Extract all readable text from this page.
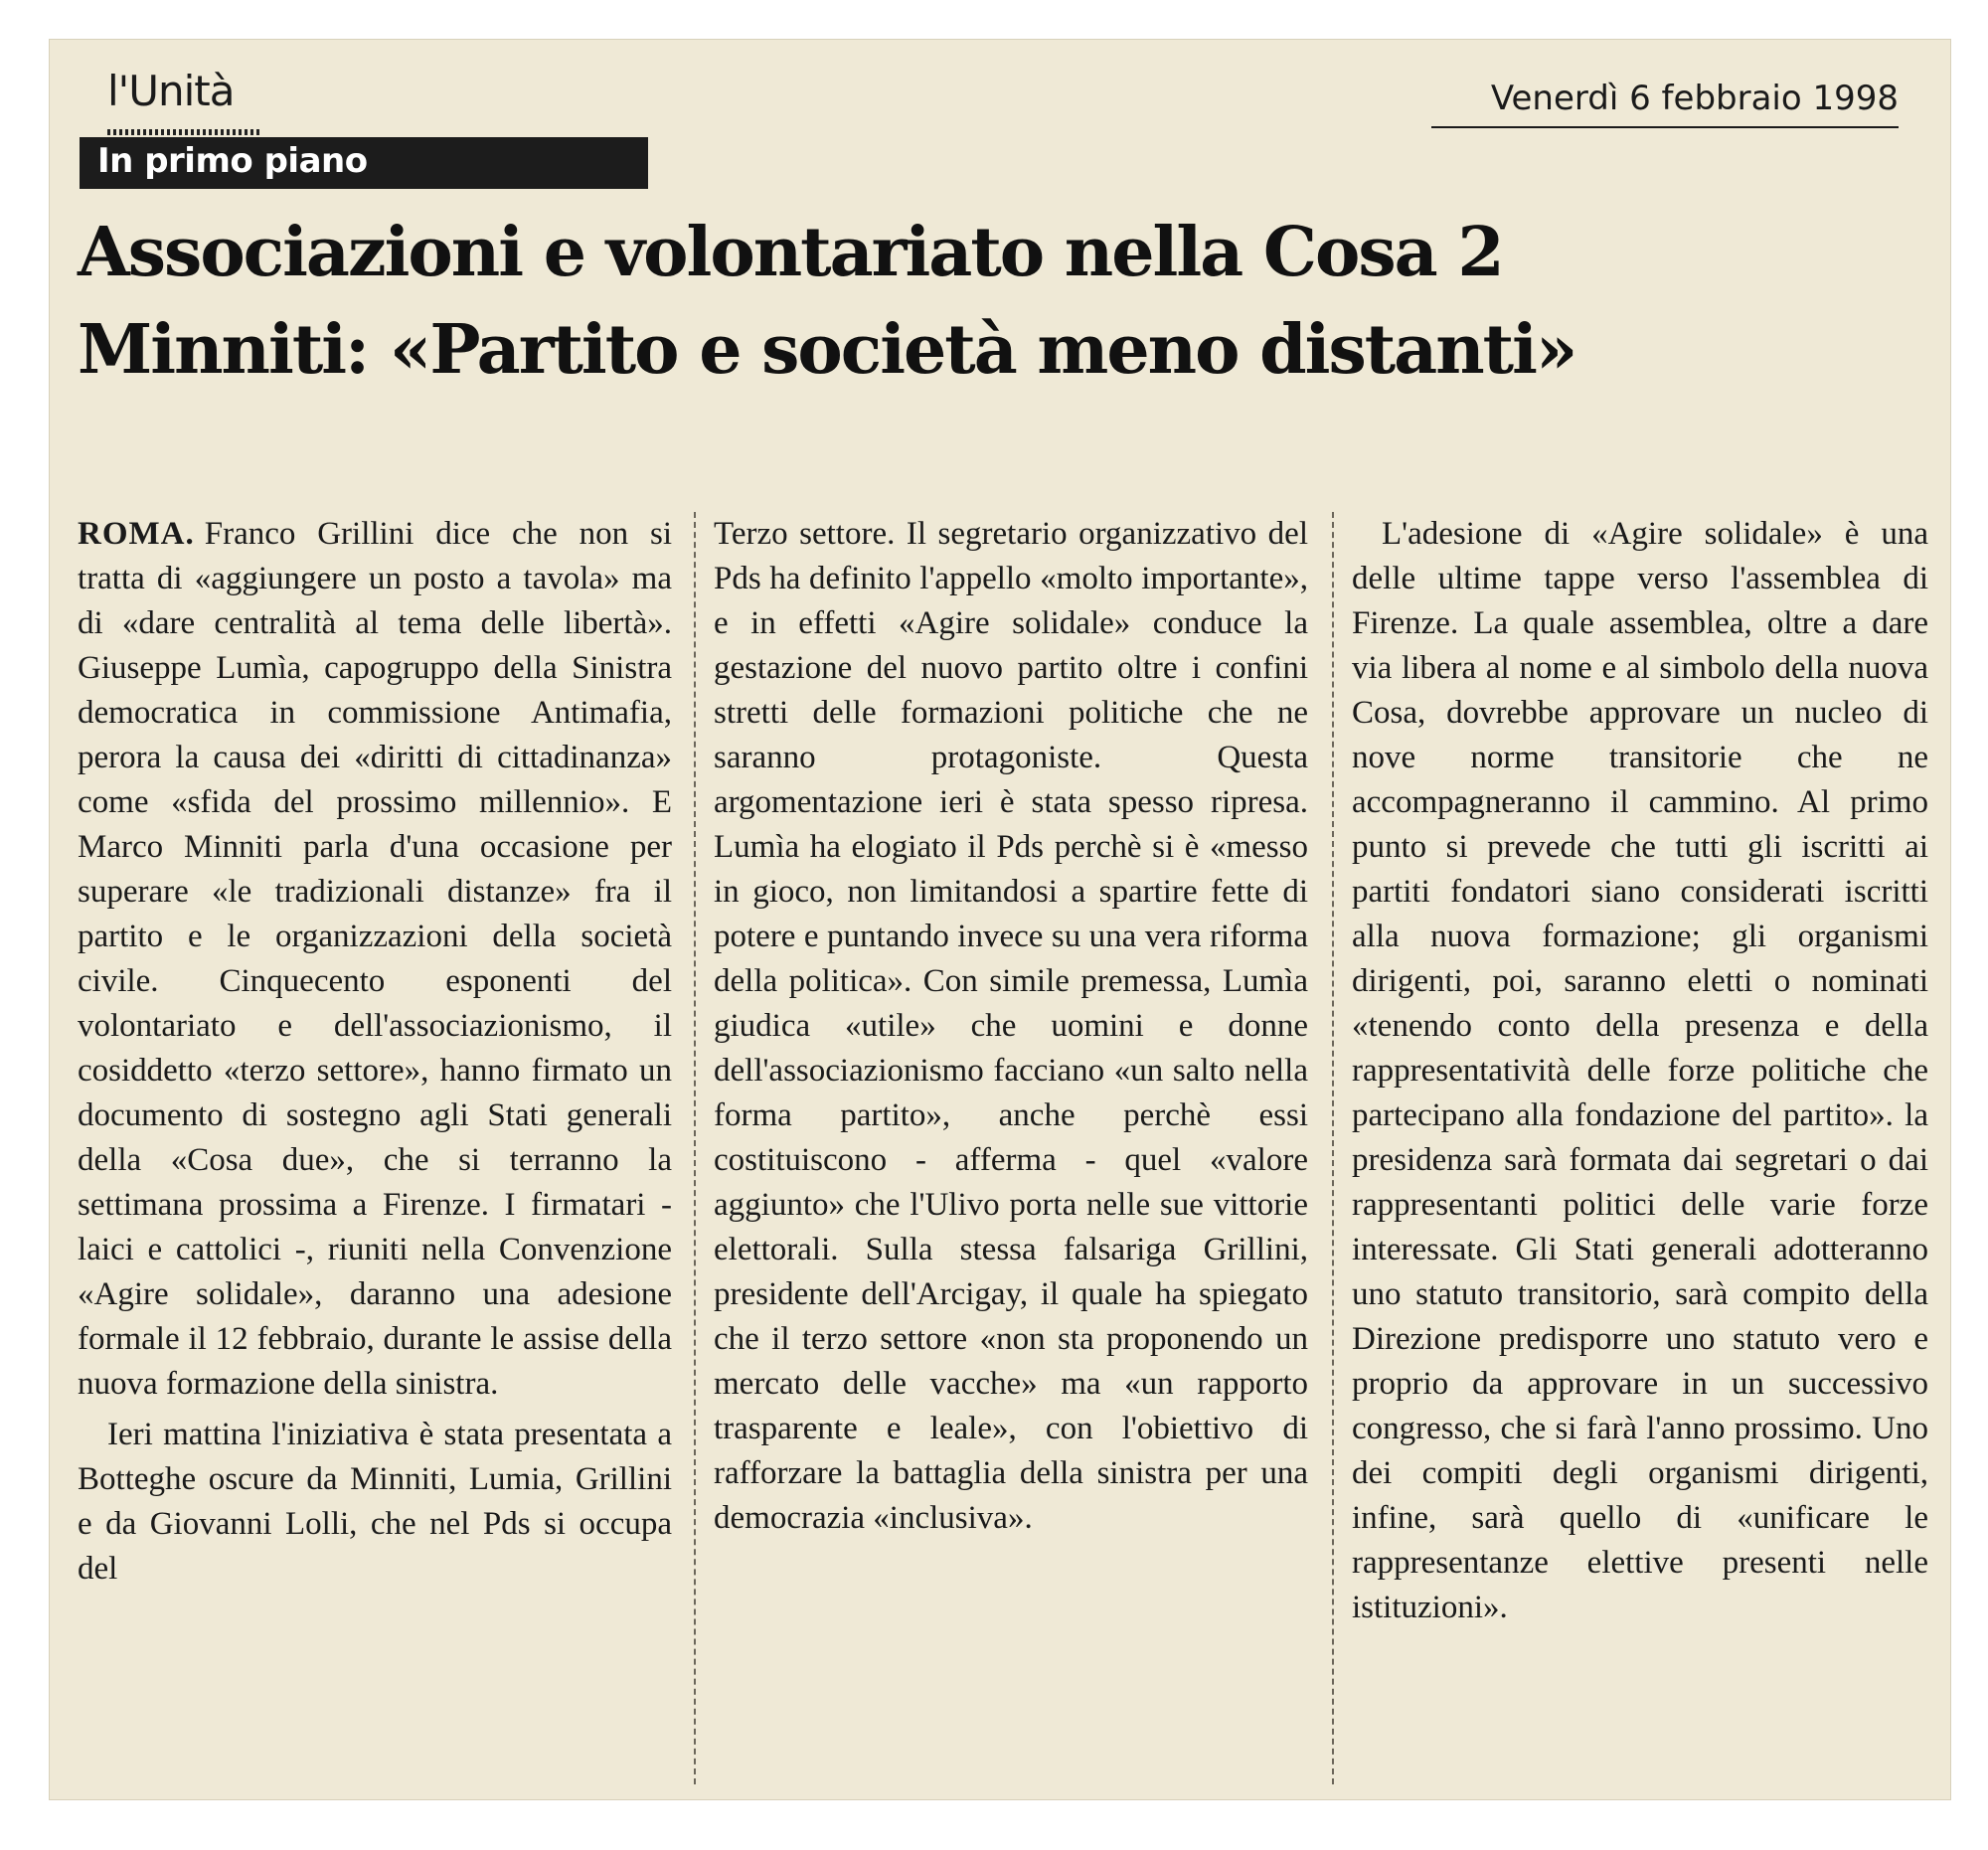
l'Unità	Venerdì 6 febbraio 1998
In primo piano
Associazioni e volontariato nella Cosa 2
Minniti: «Partito e società meno distanti»

ROMA. Franco Grillini dice che non si tratta di «aggiungere un posto a tavola» ma di «dare centralità al tema delle libertà». Giuseppe Lumìa, capogruppo della Sinistra democratica in commissione Antimafia, perora la causa dei «diritti di cittadinanza» come «sfida del prossimo millennio». E Marco Minniti parla d'una occasione per superare «le tradizionali distanze» fra il partito e le organizzazioni della società civile. Cinquecento esponenti del volontariato e dell'associazionismo, il cosiddetto «terzo settore», hanno firmato un documento di sostegno agli Stati generali della «Cosa due», che si terranno la settimana prossima a Firenze. I firmatari - laici e cattolici -, riuniti nella Convenzione «Agire solidale», daranno una adesione formale il 12 febbraio, durante le assise della nuova formazione della sinistra.

Ieri mattina l'iniziativa è stata presentata a Botteghe oscure da Minniti, Lumia, Grillini e da Giovanni Lolli, che nel Pds si occupa del

Terzo settore. Il segretario organizzativo del Pds ha definito l'appello «molto importante», e in effetti «Agire solidale» conduce la gestazione del nuovo partito oltre i confini stretti delle formazioni politiche che ne saranno protagoniste. Questa argomentazione ieri è stata spesso ripresa. Lumìa ha elogiato il Pds perchè si è «messo in gioco, non limitandosi a spartire fette di potere e puntando invece su una vera riforma della politica». Con simile premessa, Lumìa giudica «utile» che uomini e donne dell'associazionismo facciano «un salto nella forma partito», anche perchè essi costituiscono - afferma - quel «valore aggiunto» che l'Ulivo porta nelle sue vittorie elettorali. Sulla stessa falsariga Grillini, presidente dell'Arcigay, il quale ha spiegato che il terzo settore «non sta proponendo un mercato delle vacche» ma «un rapporto trasparente e leale», con l'obiettivo di rafforzare la battaglia della sinistra per una democrazia «inclusiva».

L'adesione di «Agire solidale» è una delle ultime tappe verso l'assemblea di Firenze. La quale assemblea, oltre a dare via libera al nome e al simbolo della nuova Cosa, dovrebbe approvare un nucleo di nove norme transitorie che ne accompagneranno il cammino. Al primo punto si prevede che tutti gli iscritti ai partiti fondatori siano considerati iscritti alla nuova formazione; gli organismi dirigenti, poi, saranno eletti o nominati «tenendo conto della presenza e della rappresentatività delle forze politiche che partecipano alla fondazione del partito». la presidenza sarà formata dai segretari o dai rappresentanti politici delle varie forze interessate. Gli Stati generali adotteranno uno statuto transitorio, sarà compito della Direzione predisporre uno statuto vero e proprio da approvare in un successivo congresso, che si farà l'anno prossimo. Uno dei compiti degli organismi dirigenti, infine, sarà quello di «unificare le rappresentanze elettive presenti nelle istituzioni».
